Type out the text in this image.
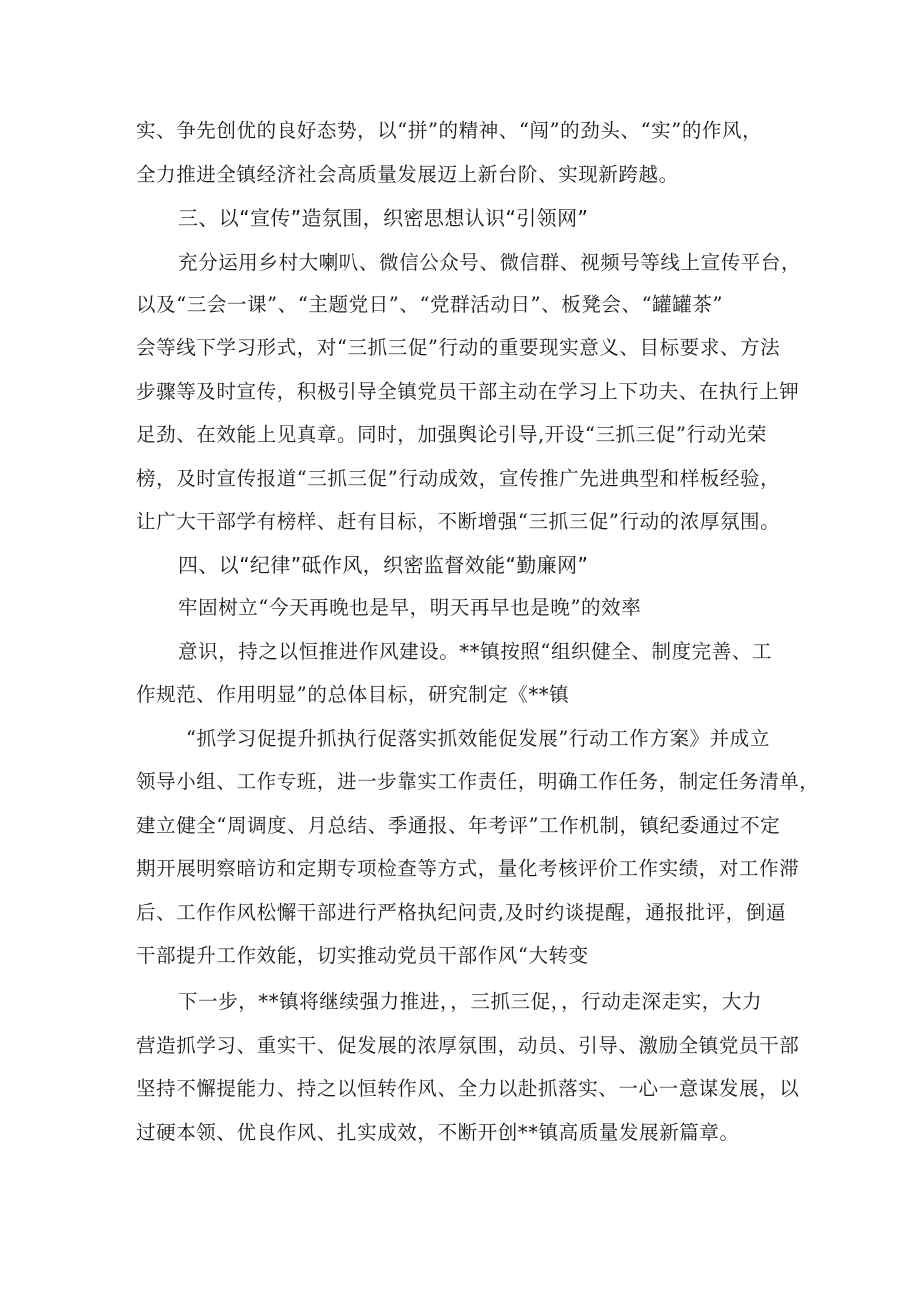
实、争先创优的良好态势，以“拼”的精神、“闯”的劲头、“实”的作风，
全力推进全镇经济社会高质量发展迈上新台阶、实现新跨越。
三、以“宣传”造氛围，织密思想认识“引领网”
充分运用乡村大喇叭、微信公众号、微信群、视频号等线上宣传平台，
以及“三会一课”、“主题党日”、“党群活动日”、板凳会、“罐罐茶”
会等线下学习形式，对“三抓三促”行动的重要现实意义、目标要求、方法
步骤等及时宣传，积极引导全镇党员干部主动在学习上下功夫、在执行上钾
足劲、在效能上见真章。同时，加强舆论引导,开设“三抓三促”行动光荣
榜，及时宣传报道“三抓三促”行动成效，宣传推广先进典型和样板经验，
让广大干部学有榜样、赶有目标，不断增强“三抓三促”行动的浓厚氛围。
四、以“纪律”砥作风，织密监督效能“勤廉网”
牢固树立“今天再晚也是早，明天再早也是晚”的效率
意识，持之以恒推进作风建设。**镇按照“组织健全、制度完善、工
作规范、作用明显”的总体目标，研究制定《**镇
“抓学习促提升抓执行促落实抓效能促发展”行动工作方案》并成立
领导小组、工作专班，进一步靠实工作责任，明确工作任务，制定任务清单，
建立健全“周调度、月总结、季通报、年考评”工作机制，镇纪委通过不定
期开展明察暗访和定期专项检查等方式，量化考核评价工作实绩，对工作滞
后、工作作风松懈干部进行严格执纪问责,及时约谈提醒，通报批评，倒逼
干部提升工作效能，切实推动党员干部作风“大转变
下一步，**镇将继续强力推进，，三抓三促，，行动走深走实，大力
营造抓学习、重实干、促发展的浓厚氛围，动员、引导、激励全镇党员干部
坚持不懈提能力、持之以恒转作风、全力以赴抓落实、一心一意谋发展，以
过硬本领、优良作风、扎实成效，不断开创**镇高质量发展新篇章。
